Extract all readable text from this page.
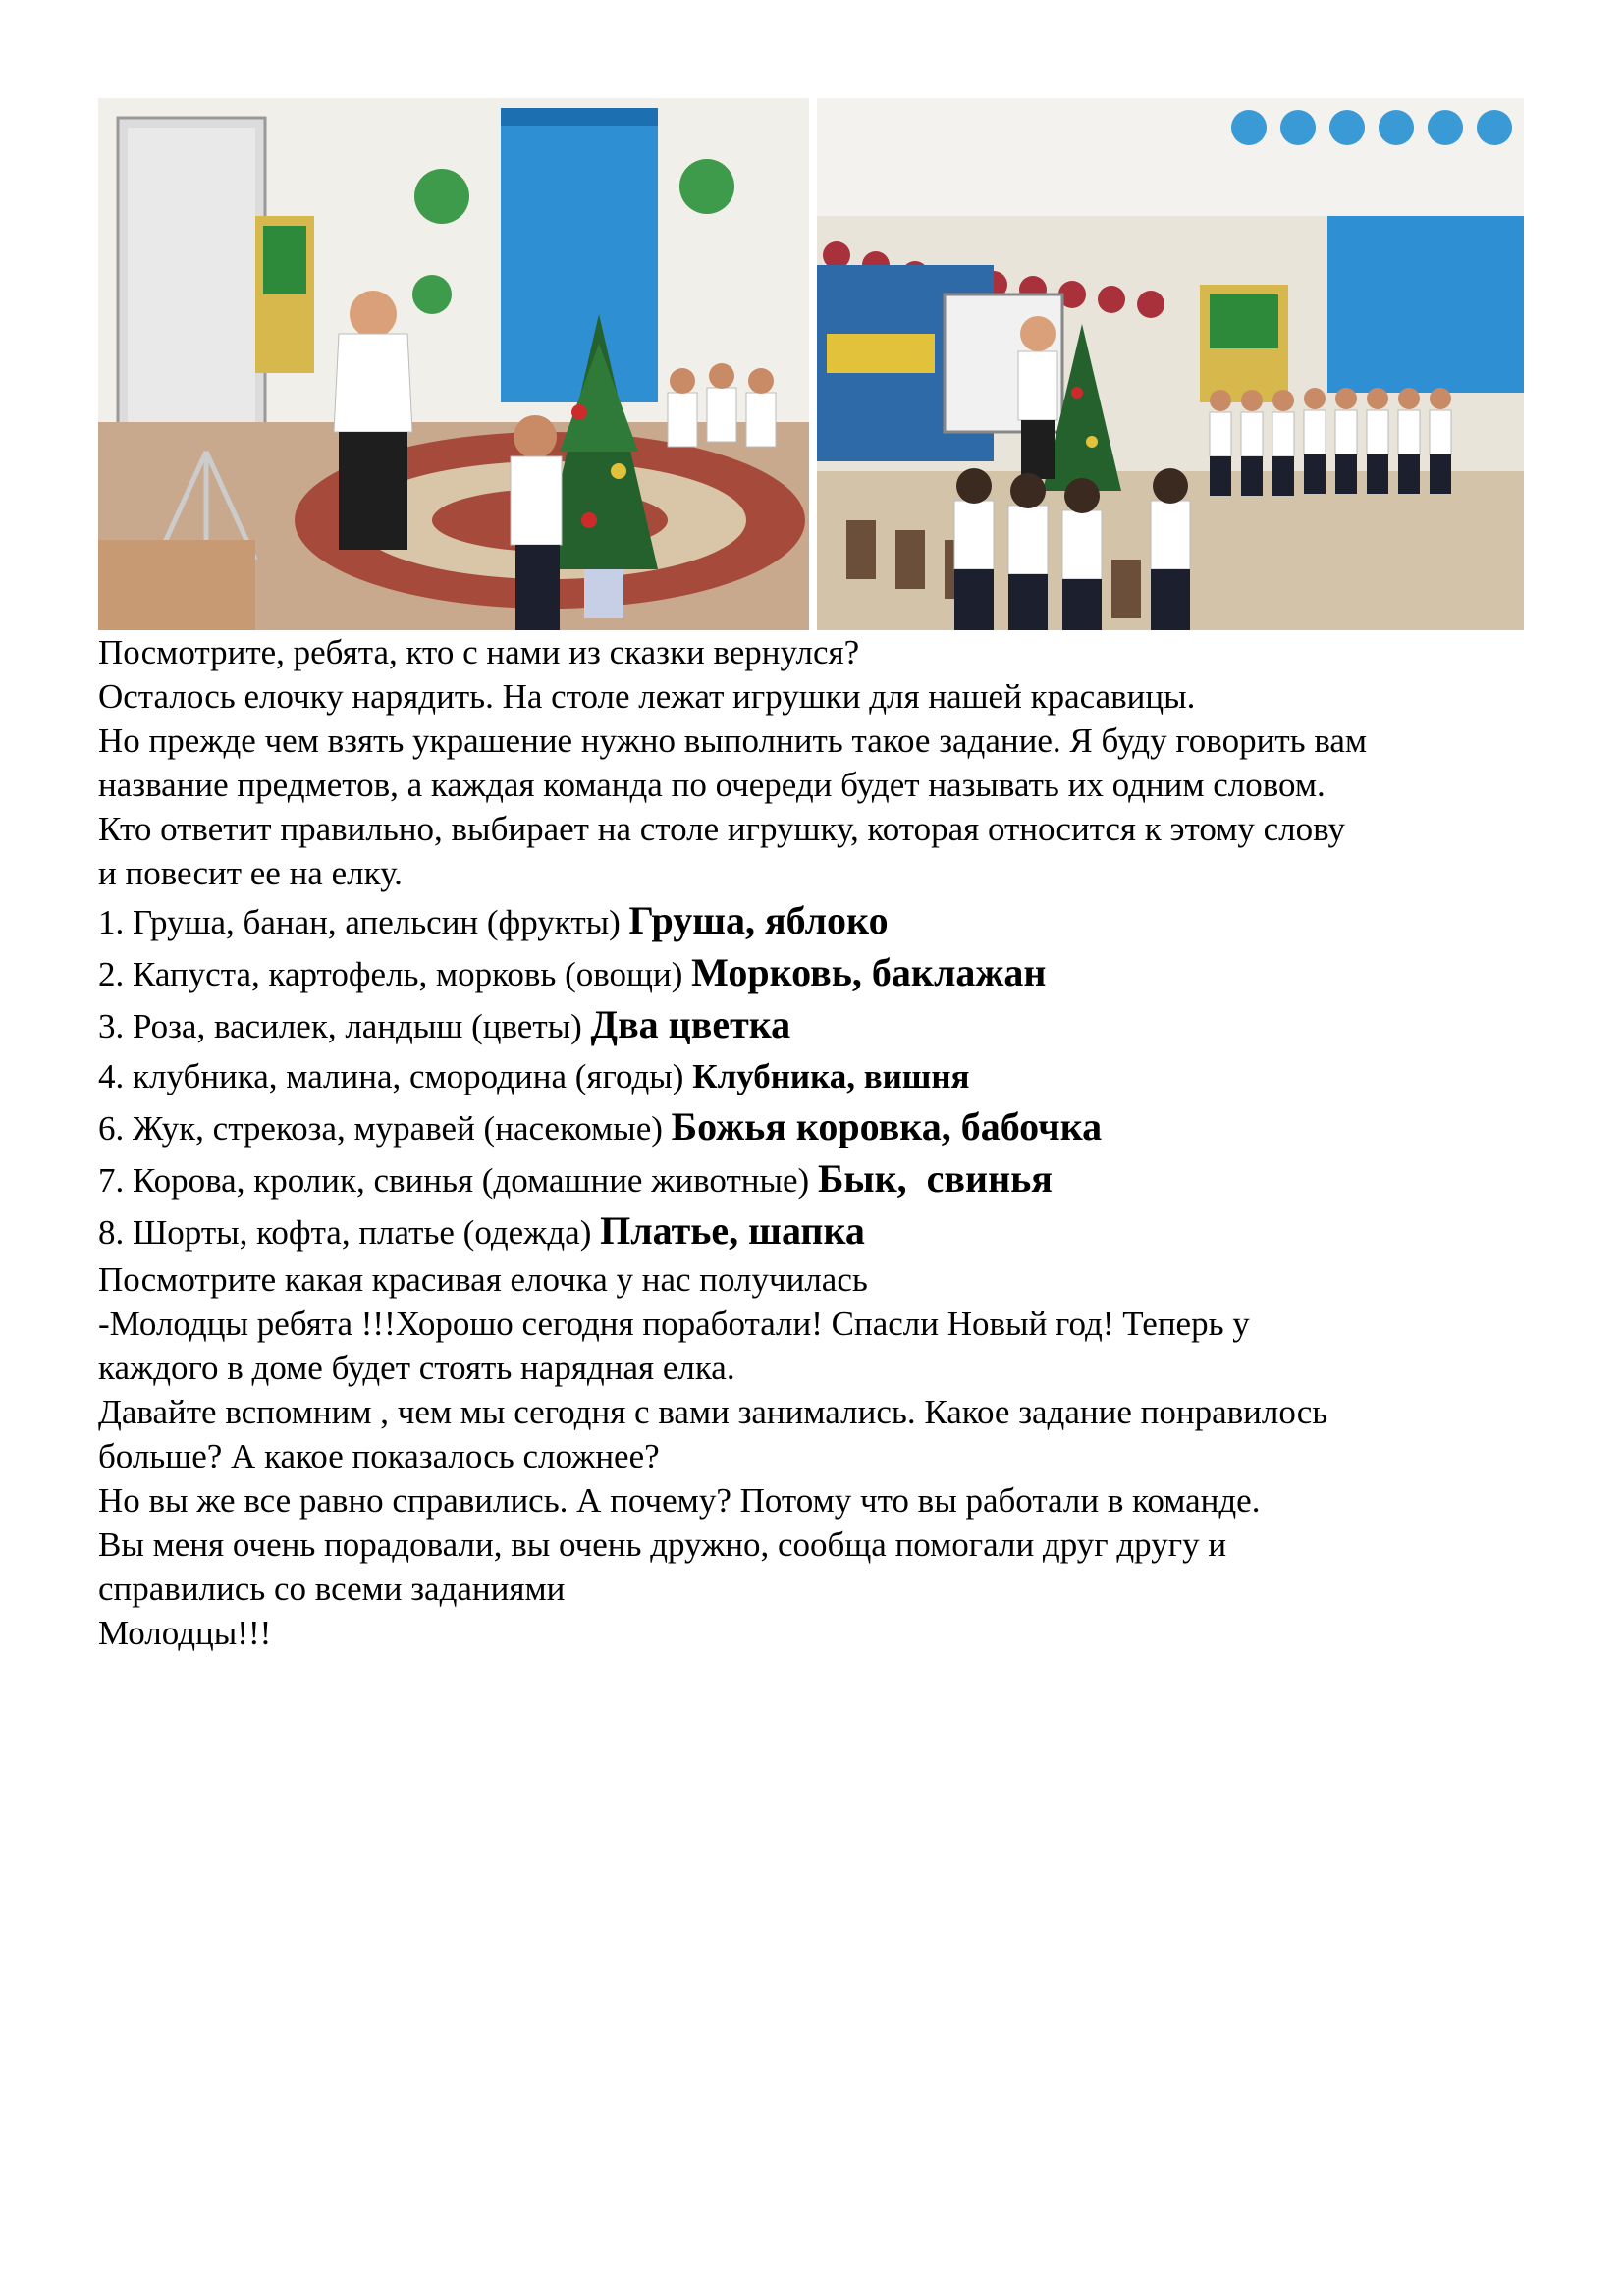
Посмотрите, ребята, кто с нами из сказки вернулся?
Осталось елочку нарядить. На столе лежат игрушки для нашей красавицы.
Но прежде чем взять украшение нужно выполнить такое задание. Я буду говорить вам
название предметов, а каждая команда по очереди будет называть их одним словом.
Кто ответит правильно, выбирает на столе игрушку, которая относится к этому слову
и повесит ее на елку.
1. Груша, банан, апельсин (фрукты) Груша, яблоко
2. Капуста, картофель, морковь (овощи) Морковь, баклажан
3. Роза, василек, ландыш (цветы) Два цветка
4. клубника, малина, смородина (ягоды) Клубника, вишня
6. Жук, стрекоза, муравей (насекомые) Божья коровка, бабочка
7. Корова, кролик, свинья (домашние животные) Бык,  свинья
8. Шорты, кофта, платье (одежда) Платье, шапка
Посмотрите какая красивая елочка у нас получилась
-Молодцы ребята !!!Хорошо сегодня поработали! Спасли Новый год! Теперь у
каждого в доме будет стоять нарядная елка.
Давайте вспомним , чем мы сегодня с вами занимались. Какое задание понравилось
больше? А какое показалось сложнее?
Но вы же все равно справились. А почему? Потому что вы работали в команде.
Вы меня очень порадовали, вы очень дружно, сообща помогали друг другу и
справились со всеми заданиями
Молодцы!!!
